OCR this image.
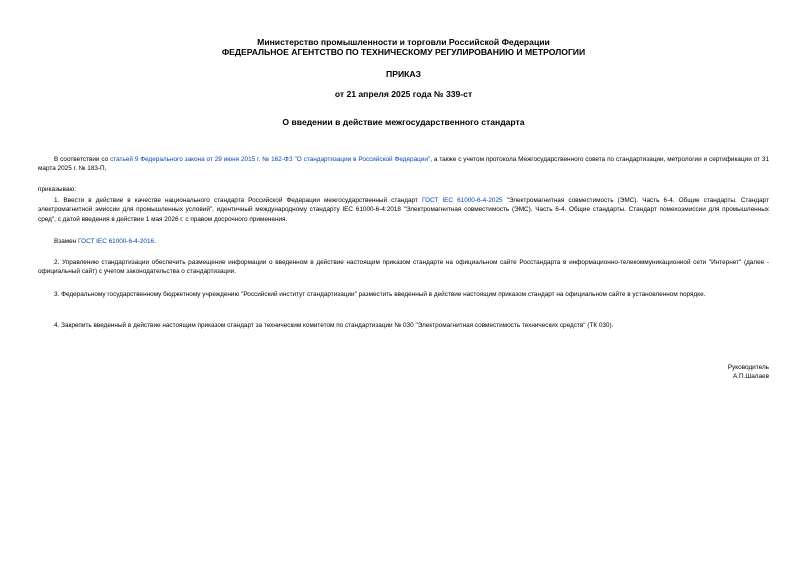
Министерство промышленности и торговли Российской Федерации
ФЕДЕРАЛЬНОЕ АГЕНТСТВО ПО ТЕХНИЧЕСКОМУ РЕГУЛИРОВАНИЮ И МЕТРОЛОГИИ
ПРИКАЗ
от 21 апреля 2025 года № 339-ст
О введении в действие межгосударственного стандарта
В соответствии со статьей 9 Федерального закона от 29 июня 2015 г. № 162-ФЗ "О стандартизации в Российской Федерации", а также с учетом протокола Межгосударственного совета по стандартизации, метрологии и сертификации от 31 марта 2025 г. № 183-П,
приказываю:
1. Ввести в действие в качестве национального стандарта Российской Федерации межгосударственный стандарт ГОСТ IEC 61000-6-4-2025 "Электромагнитная совместимость (ЭМС). Часть 6-4. Общие стандарты. Стандарт электромагнитной эмиссии для промышленных условий", идентичный международному стандарту IEC 61000-6-4:2018 "Электромагнитная совместимость (ЭМС). Часть 6-4. Общие стандарты. Стандарт помехоэмиссии для промышленных сред", с датой введения в действие 1 мая 2026 г. с правом досрочного применения.
Взамен ГОСТ IEC 61000-6-4-2016.
2. Управлению стандартизации обеспечить размещение информации о введенном в действие настоящим приказом стандарте на официальном сайте Росстандарта в информационно-телекоммуникационной сети "Интернет" (далее - официальный сайт) с учетом законодательства о стандартизации.
3. Федеральному государственному бюджетному учреждению "Российский институт стандартизации" разместить введенный в действие настоящим приказом стандарт на официальном сайте в установленном порядке.
4. Закрепить введенный в действие настоящим приказом стандарт за техническим комитетом по стандартизации № 030 "Электромагнитная совместимость технических средств" (ТК 030).
Руководитель
А.П.Шалаев
